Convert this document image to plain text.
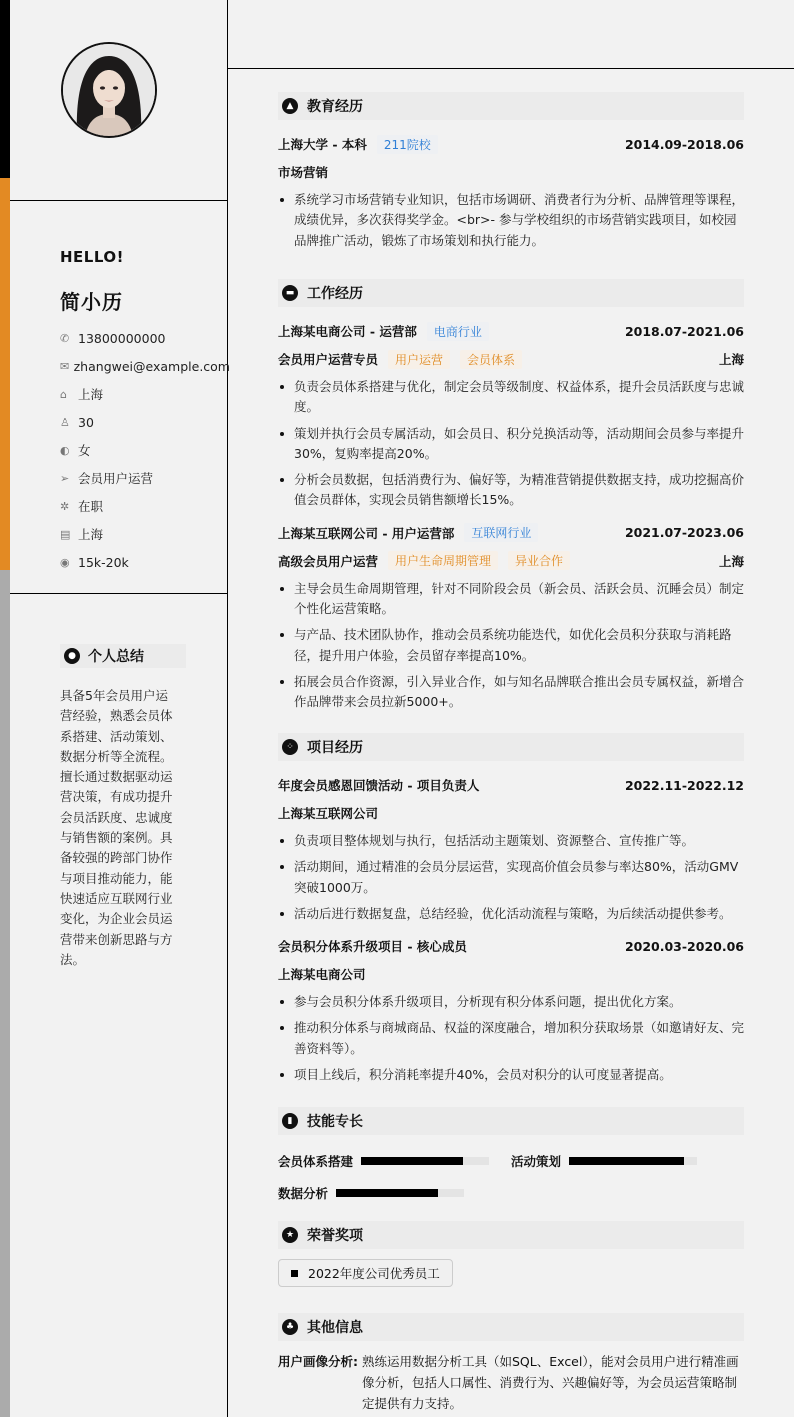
HELLO!
简小历
✆ 13800000000
✉ zhangwei@example.com
⌂ 上海
♙ 30
◐ 女
➢ 会员用户运营
✲ 在职
▤ 上海
◉ 15k-20k
● 个人总结
具备5年会员用户运营经验，熟悉会员体系搭建、活动策划、数据分析等全流程。擅长通过数据驱动运营决策，有成功提升会员活跃度、忠诚度与销售额的案例。具备较强的跨部门协作与项目推动能力，能快速适应互联网行业变化，为企业会员运营带来创新思路与方法。
▲ 教育经历
上海大学 - 本科	211院校	2014.09-2018.06
市场营销
系统学习市场营销专业知识，包括市场调研、消费者行为分析、品牌管理等课程，成绩优异，多次获得奖学金。<br>- 参与学校组织的市场营销实践项目，如校园品牌推广活动，锻炼了市场策划和执行能力。
▬ 工作经历
上海某电商公司 - 运营部	电商行业	2018.07-2021.06
会员用户运营专员	用户运营	会员体系	上海
负责会员体系搭建与优化，制定会员等级制度、权益体系，提升会员活跃度与忠诚度。
策划并执行会员专属活动，如会员日、积分兑换活动等，活动期间会员参与率提升30%，复购率提高20%。
分析会员数据，包括消费行为、偏好等，为精准营销提供数据支持，成功挖掘高价值会员群体，实现会员销售额增长15%。
上海某互联网公司 - 用户运营部	互联网行业	2021.07-2023.06
高级会员用户运营	用户生命周期管理	异业合作	上海
主导会员生命周期管理，针对不同阶段会员（新会员、活跃会员、沉睡会员）制定个性化运营策略。
与产品、技术团队协作，推动会员系统功能迭代，如优化会员积分获取与消耗路径，提升用户体验，会员留存率提高10%。
拓展会员合作资源，引入异业合作，如与知名品牌联合推出会员专属权益，新增合作品牌带来会员拉新5000+。
⁘ 项目经历
年度会员感恩回馈活动 - 项目负责人	2022.11-2022.12
上海某互联网公司
负责项目整体规划与执行，包括活动主题策划、资源整合、宣传推广等。
活动期间，通过精准的会员分层运营，实现高价值会员参与率达80%，活动GMV突破1000万。
活动后进行数据复盘，总结经验，优化活动流程与策略，为后续活动提供参考。
会员积分体系升级项目 - 核心成员	2020.03-2020.06
上海某电商公司
参与会员积分体系升级项目，分析现有积分体系问题，提出优化方案。
推动积分体系与商城商品、权益的深度融合，增加积分获取场景（如邀请好友、完善资料等）。
项目上线后，积分消耗率提升40%，会员对积分的认可度显著提高。
▮	技能专长
会员体系搭建	活动策划
数据分析
★ 荣誉奖项
2022年度公司优秀员工
♣ 其他信息
用户画像分析: 熟练运用数据分析工具（如SQL、Excel），能对会员用户进行精准画像分析，包括人口属性、消费行为、兴趣偏好等，为会员运营策略制定提供有力支持。
